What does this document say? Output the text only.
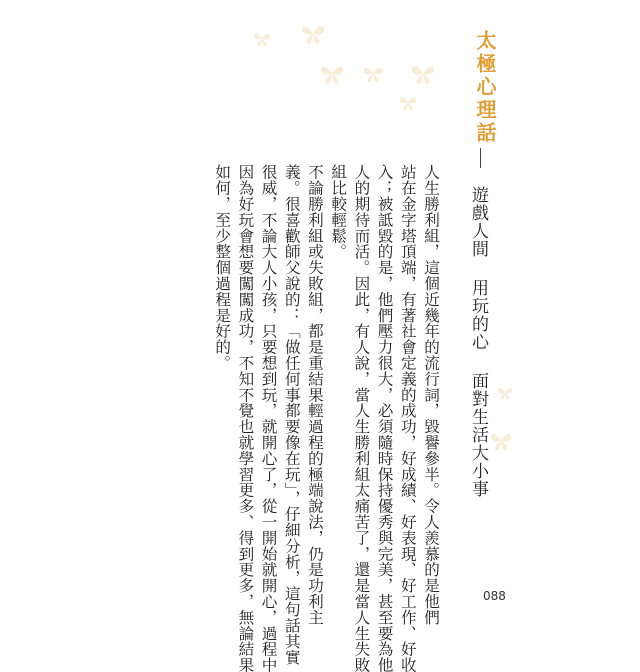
太極心理話
遊戲人間 用玩的心 面對生活大小事

人生勝利組，這個近幾年的流行詞，毀譽參半。令人羨慕的是他們
站在金字塔頂端，有著社會定義的成功，好成績、好表現、好工作、好收
入；被詆毀的是，他們壓力很大，必須隨時保持優秀與完美，甚至要為他
人的期待而活。因此，有人說，當人生勝利組太痛苦了，還是當人生失敗
組比較輕鬆。

不論勝利組或失敗組，都是重結果輕過程的極端說法，仍是功利主
義。很喜歡師父說的：「做任何事都要像在玩」，仔細分析，這句話其實
很威，不論大人小孩，只要想到玩，就開心了，從一開始就開心，過程中
因為好玩會想要闖闖成功，不知不覺也就學習更多、得到更多，無論結果
如何，至少整個過程是好的。

088
